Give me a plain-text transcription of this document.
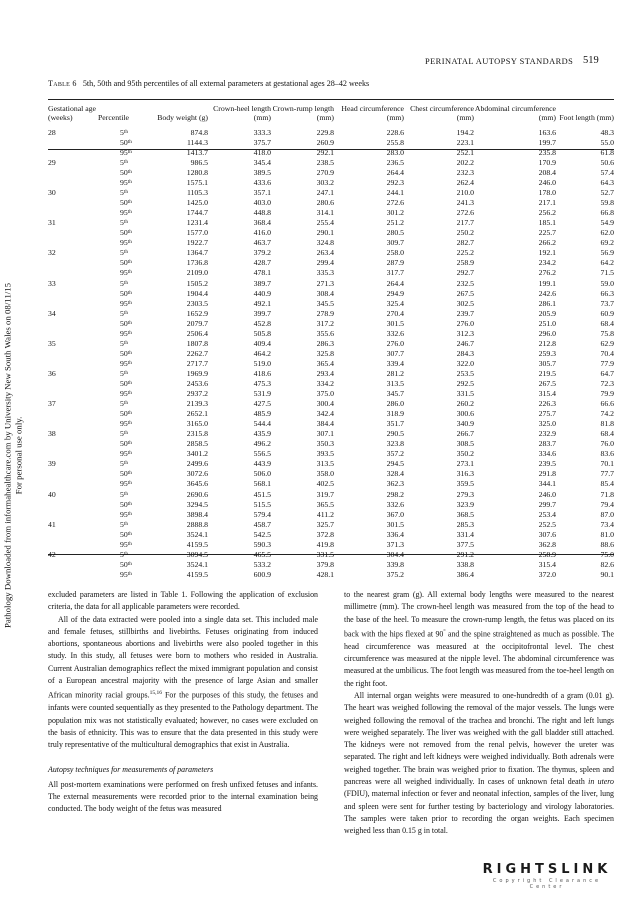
PERINATAL AUTOPSY STANDARDS 519
Table 6 5th, 50th and 95th percentiles of all external parameters at gestational ages 28–42 weeks
Gestational age (weeks)	Percentile	Body weight (g)	Crown-heel length (mm)	Crown-rump length (mm)	Head circumference (mm)	Chest circumference (mm)	Abdominal circumference (mm)	Foot length (mm)
28	5th	874.8	333.3	229.8	228.6	194.2	163.6	48.3
	50th	1144.3	375.7	260.9	255.8	223.1	199.7	55.0
	95th	1413.7	418.0	292.1	283.0	252.1	235.8	61.8
29	5th	986.5	345.4	238.5	236.5	202.2	170.9	50.6
	50th	1280.8	389.5	270.9	264.4	232.3	208.4	57.4
	95th	1575.1	433.6	303.2	292.3	262.4	246.0	64.3
30	5th	1105.3	357.1	247.1	244.1	210.0	178.0	52.7
	50th	1425.0	403.0	280.6	272.6	241.3	217.1	59.8
	95th	1744.7	448.8	314.1	301.2	272.6	256.2	66.8
31	5th	1231.4	368.4	255.4	251.2	217.7	185.1	54.9
	50th	1577.0	416.0	290.1	280.5	250.2	225.7	62.0
	95th	1922.7	463.7	324.8	309.7	282.7	266.2	69.2
32	5th	1364.7	379.2	263.4	258.0	225.2	192.1	56.9
	50th	1736.8	428.7	299.4	287.9	258.9	234.2	64.2
	95th	2109.0	478.1	335.3	317.7	292.7	276.2	71.5
33	5th	1505.2	389.7	271.3	264.4	232.5	199.1	59.0
	50th	1904.4	440.9	308.4	294.9	267.5	242.6	66.3
	95th	2303.5	492.1	345.5	325.4	302.5	286.1	73.7
34	5th	1652.9	399.7	278.9	270.4	239.7	205.9	60.9
	50th	2079.7	452.8	317.2	301.5	276.0	251.0	68.4
	95th	2506.4	505.8	355.6	332.6	312.3	296.0	75.8
35	5th	1807.8	409.4	286.3	276.0	246.7	212.8	62.9
	50th	2262.7	464.2	325.8	307.7	284.3	259.3	70.4
	95th	2717.7	519.0	365.4	339.4	322.0	305.7	77.9
36	5th	1969.9	418.6	293.4	281.2	253.5	219.5	64.7
	50th	2453.6	475.3	334.2	313.5	292.5	267.5	72.3
	95th	2937.2	531.9	375.0	345.7	331.5	315.4	79.9
37	5th	2139.3	427.5	300.4	286.0	260.2	226.3	66.6
	50th	2652.1	485.9	342.4	318.9	300.6	275.7	74.2
	95th	3165.0	544.4	384.4	351.7	340.9	325.0	81.8
38	5th	2315.8	435.9	307.1	290.5	266.7	232.9	68.4
	50th	2858.5	496.2	350.3	323.8	308.5	283.7	76.0
	95th	3401.2	556.5	393.5	357.2	350.2	334.6	83.6
39	5th	2499.6	443.9	313.5	294.5	273.1	239.5	70.1
	50th	3072.6	506.0	358.0	328.4	316.3	291.8	77.7
	95th	3645.6	568.1	402.5	362.3	359.5	344.1	85.4
40	5th	2690.6	451.5	319.7	298.2	279.3	246.0	71.8
	50th	3294.5	515.5	365.5	332.6	323.9	299.7	79.4
	95th	3898.4	579.4	411.2	367.0	368.5	253.4	87.0
41	5th	2888.8	458.7	325.7	301.5	285.3	252.5	73.4
	50th	3524.1	542.5	372.8	336.4	331.4	307.6	81.0
	95th	4159.5	590.3	419.8	371.3	377.5	362.8	88.6
42	5th	3094.5	465.5	331.5	304.4	291.2	258.9	75.0
	50th	3524.1	533.2	379.8	339.8	338.8	315.4	82.6
	95th	4159.5	600.9	428.1	375.2	386.4	372.0	90.1
Pathology Downloaded from informahealthcare.com by University New South Wales on 08/11/15 For personal use only.

excluded parameters are listed in Table 1. Following the application of exclusion criteria, the data for all applicable parameters were recorded.

All of the data extracted were pooled into a single data set. This included male and female fetuses, stillbirths and livebirths. Fetuses originating from induced abortions, spontaneous abortions and livebirths were also pooled together in this study. In this study, all fetuses were born to mothers who resided in Australia. Current Australian demographics reflect the mixed immigrant population and consist of a European ancestral majority with the presence of large Asian and smaller African minority racial groups.$^{15,16}$ For the purposes of this study, the fetuses and infants were counted sequentially as they presented to the Pathology department. The population mix was not statistically evaluated; however, no cases were excluded on the basis of ethnicity. This was to ensure that the data presented in this study were truly representative of the multicultural demographics that exist in Australia.

Autopsy techniques for measurements of parameters

All post-mortem examinations were performed on fresh unfixed fetuses and infants. The external measurements were recorded prior to the internal examination being conducted. The body weight of the fetus was measured

to the nearest gram (g). All external body lengths were measured to the nearest millimetre (mm). The crown-heel length was measured from the top of the head to the base of the heel. To measure the crown-rump length, the fetus was placed on its back with the hips flexed at 90° and the spine straightened as much as possible. The head circumference was measured at the occipitofrontal level. The chest circumference was measured at the nipple level. The abdominal circumference was measured at the umbilicus. The foot length was measured from the toe-heel length on the right foot.

All internal organ weights were measured to one-hundredth of a gram (0.01 g). The heart was weighed following the removal of the major vessels. The lungs were weighed following the removal of the trachea and bronchi. The right and left lungs were weighed separately. The liver was weighed with the gall bladder still attached. The kidneys were not removed from the renal pelvis, however the ureter was separated. The right and left kidneys were weighed individually. Both adrenals were weighed together. The brain was weighed prior to fixation. The thymus, spleen and pancreas were all weighed individually. In cases of unknown fetal death in utero (FDIU), maternal infection or fever and neonatal infection, samples of the liver, lung and spleen were sent for further testing by bacteriology and virology laboratories. The samples were taken prior to recording the organ weights. Each specimen weighed less than 0.15 g in total.

RIGHTSLINK
Copyright Clearance Center
